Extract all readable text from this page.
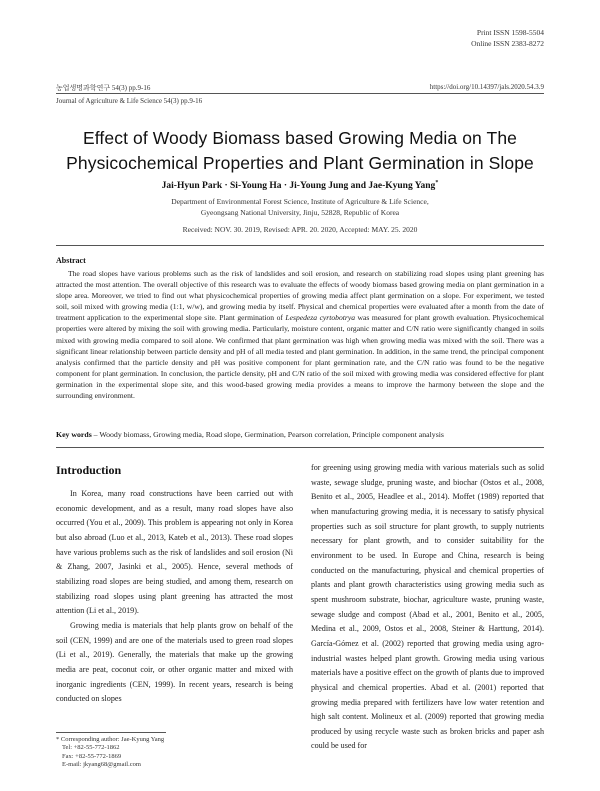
Print ISSN 1598-5504
Online ISSN 2383-8272
농업생명과학연구 54(3) pp.9-16	https://doi.org/10.14397/jals.2020.54.3.9
Journal of Agriculture & Life Science 54(3) pp.9-16
Effect of Woody Biomass based Growing Media on The
Physicochemical Properties and Plant Germination in Slope
Jai-Hyun Park · Si-Young Ha · Ji-Young Jung and Jae-Kyung Yang*
Department of Environmental Forest Science, Institute of Agriculture & Life Science,
Gyeongsang National University, Jinju, 52828, Republic of Korea
Received: NOV. 30. 2019, Revised: APR. 20. 2020, Accepted: MAY. 25. 2020
Abstract
The road slopes have various problems such as the risk of landslides and soil erosion, and research on stabilizing road slopes using plant greening has attracted the most attention. The overall objective of this research was to evaluate the effects of woody biomass based growing media on plant germination in a slope area. Moreover, we tried to find out what physicochemical properties of growing media affect plant germination on a slope. For experiment, we tested soil, soil mixed with growing media (1:1, w/w), and growing media by itself. Physical and chemical properties were evaluated after a month from the date of treatment application to the experimental slope site. Plant germination of Lespedeza cyrtobotrya was measured for plant growth evaluation. Physicochemical properties were altered by mixing the soil with growing media. Particularly, moisture content, organic matter and C/N ratio were significantly changed in soils mixed with growing media compared to soil alone. We confirmed that plant germination was high when growing media was mixed with the soil. There was a significant linear relationship between particle density and pH of all media tested and plant germination. In addition, in the same trend, the principal component analysis confirmed that the particle density and pH was positive component for plant germination rate, and the C/N ratio was found to be the negative component for plant germination. In conclusion, the particle density, pH and C/N ratio of the soil mixed with growing media was considered effective for plant germination in the experimental slope site, and this wood-based growing media provides a means to improve the harmony between the slope and the surrounding environment.
Key words – Woody biomass, Growing media, Road slope, Germination, Pearson correlation, Principle component analysis
Introduction

In Korea, many road constructions have been carried out with economic development, and as a result, many road slopes have also occurred (You et al., 2009). This problem is appearing not only in Korea but also abroad (Luo et al., 2013, Kateb et al., 2013). These road slopes have various problems such as the risk of landslides and soil erosion (Ni & Zhang, 2007, Jasinki et al., 2005). Hence, several methods of stabilizing road slopes are being studied, and among them, research on stabilizing road slopes using plant greening has attracted the most attention (Li et al., 2019).

Growing media is materials that help plants grow on behalf of the soil (CEN, 1999) and are one of the materials used to green road slopes (Li et al., 2019). Generally, the materials that make up the growing media are peat, coconut coir, or other organic matter and mixed with inorganic ingredients (CEN, 1999). In recent years, research is being conducted on slopes

for greening using growing media with various materials such as solid waste, sewage sludge, pruning waste, and biochar (Ostos et al., 2008, Benito et al., 2005, Headlee et al., 2014). Moffet (1989) reported that when manufacturing growing media, it is necessary to satisfy physical properties such as soil structure for plant growth, to supply nutrients necessary for plant growth, and to consider suitability for the environment to be used. In Europe and China, research is being conducted on the manufacturing, physical and chemical properties of plants and plant growth characteristics using growing media such as spent mushroom substrate, biochar, agriculture waste, pruning waste, sewage sludge and compost (Abad et al., 2001, Benito et al., 2005, Medina et al., 2009, Ostos et al., 2008, Steiner & Harttung, 2014). García-Gómez et al. (2002) reported that growing media using agro-industrial wastes helped plant growth. Growing media using various materials have a positive effect on the growth of plants due to improved physical and chemical properties. Abad et al. (2001) reported that growing media prepared with fertilizers have low water retention and high salt content. Molineux et al. (2009) reported that growing media produced by using recycle waste such as broken bricks and paper ash could be used for

* Corresponding author: Jae-Kyung Yang
Tel: +82-55-772-1862
Fax: +82-55-772-1869
E-mail: jkyang68@gmail.com
